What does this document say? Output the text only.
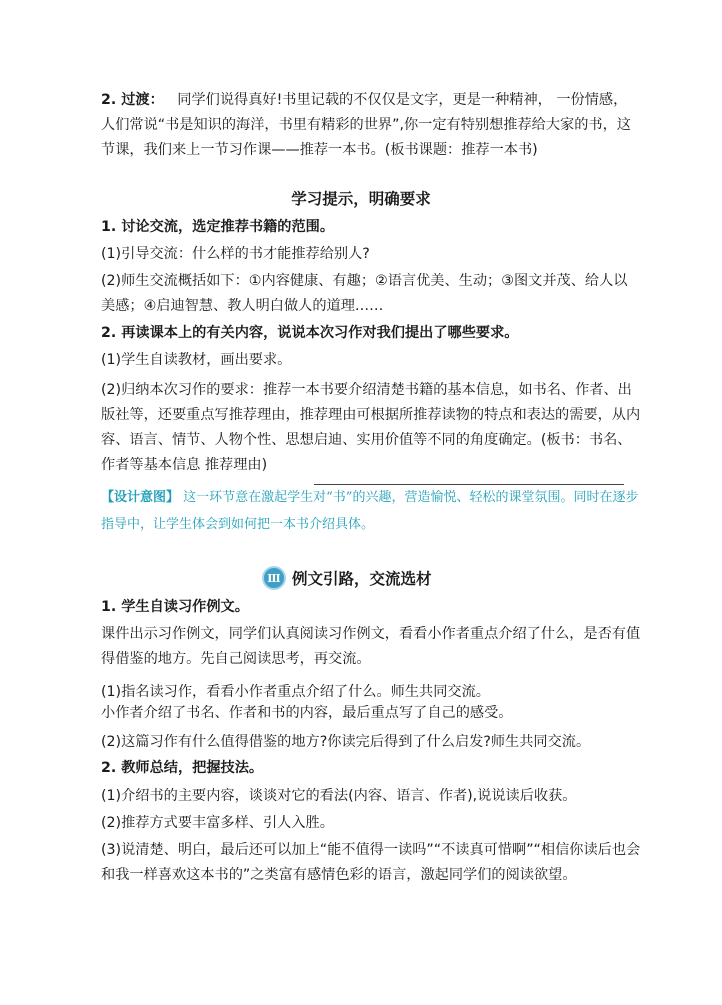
2. 过渡： 同学们说得真好!书里记载的不仅仅是文字，更是一种精神， 一份情感，人们常说“书是知识的海洋，书里有精彩的世界”,你一定有特别想推荐给大家的书，这节课，我们来上一节习作课——推荐一本书。(板书课题：推荐一本书)

学习提示，明确要求

1. 讨论交流，选定推荐书籍的范围。

(1)引导交流：什么样的书才能推荐给别人?

(2)师生交流概括如下：①内容健康、有趣；②语言优美、生动；③图文并茂、给人以美感；④启迪智慧、教人明白做人的道理……

2. 再读课本上的有关内容，说说本次习作对我们提出了哪些要求。

(1)学生自读教材，画出要求。

(2)归纳本次习作的要求：推荐一本书要介绍清楚书籍的基本信息，如书名、作者、出版社等，还要重点写推荐理由，推荐理由可根据所推荐读物的特点和表达的需要，从内容、语言、情节、人物个性、思想启迪、实用价值等不同的角度确定。(板书：书名、作者等基本信息 推荐理由)

【设计意图】 这一环节意在激起学生对“书”的兴趣，营造愉悦、轻松的课堂氛围。同时在逐步指导中，让学生体会到如何把一本书介绍具体。

Ⅲ 例文引路，交流选材

1. 学生自读习作例文。

课件出示习作例文，同学们认真阅读习作例文，看看小作者重点介绍了什么，是否有值得借鉴的地方。先自己阅读思考，再交流。

(1)指名读习作，看看小作者重点介绍了什么。师生共同交流。

小作者介绍了书名、作者和书的内容，最后重点写了自己的感受。

(2)这篇习作有什么值得借鉴的地方?你读完后得到了什么启发?师生共同交流。

2. 教师总结，把握技法。

(1)介绍书的主要内容，谈谈对它的看法(内容、语言、作者),说说读后收获。

(2)推荐方式要丰富多样、引人入胜。

(3)说清楚、明白，最后还可以加上“能不值得一读吗”“不读真可惜啊”“相信你读后也会和我一样喜欢这本书的”之类富有感情色彩的语言，激起同学们的阅读欲望。
